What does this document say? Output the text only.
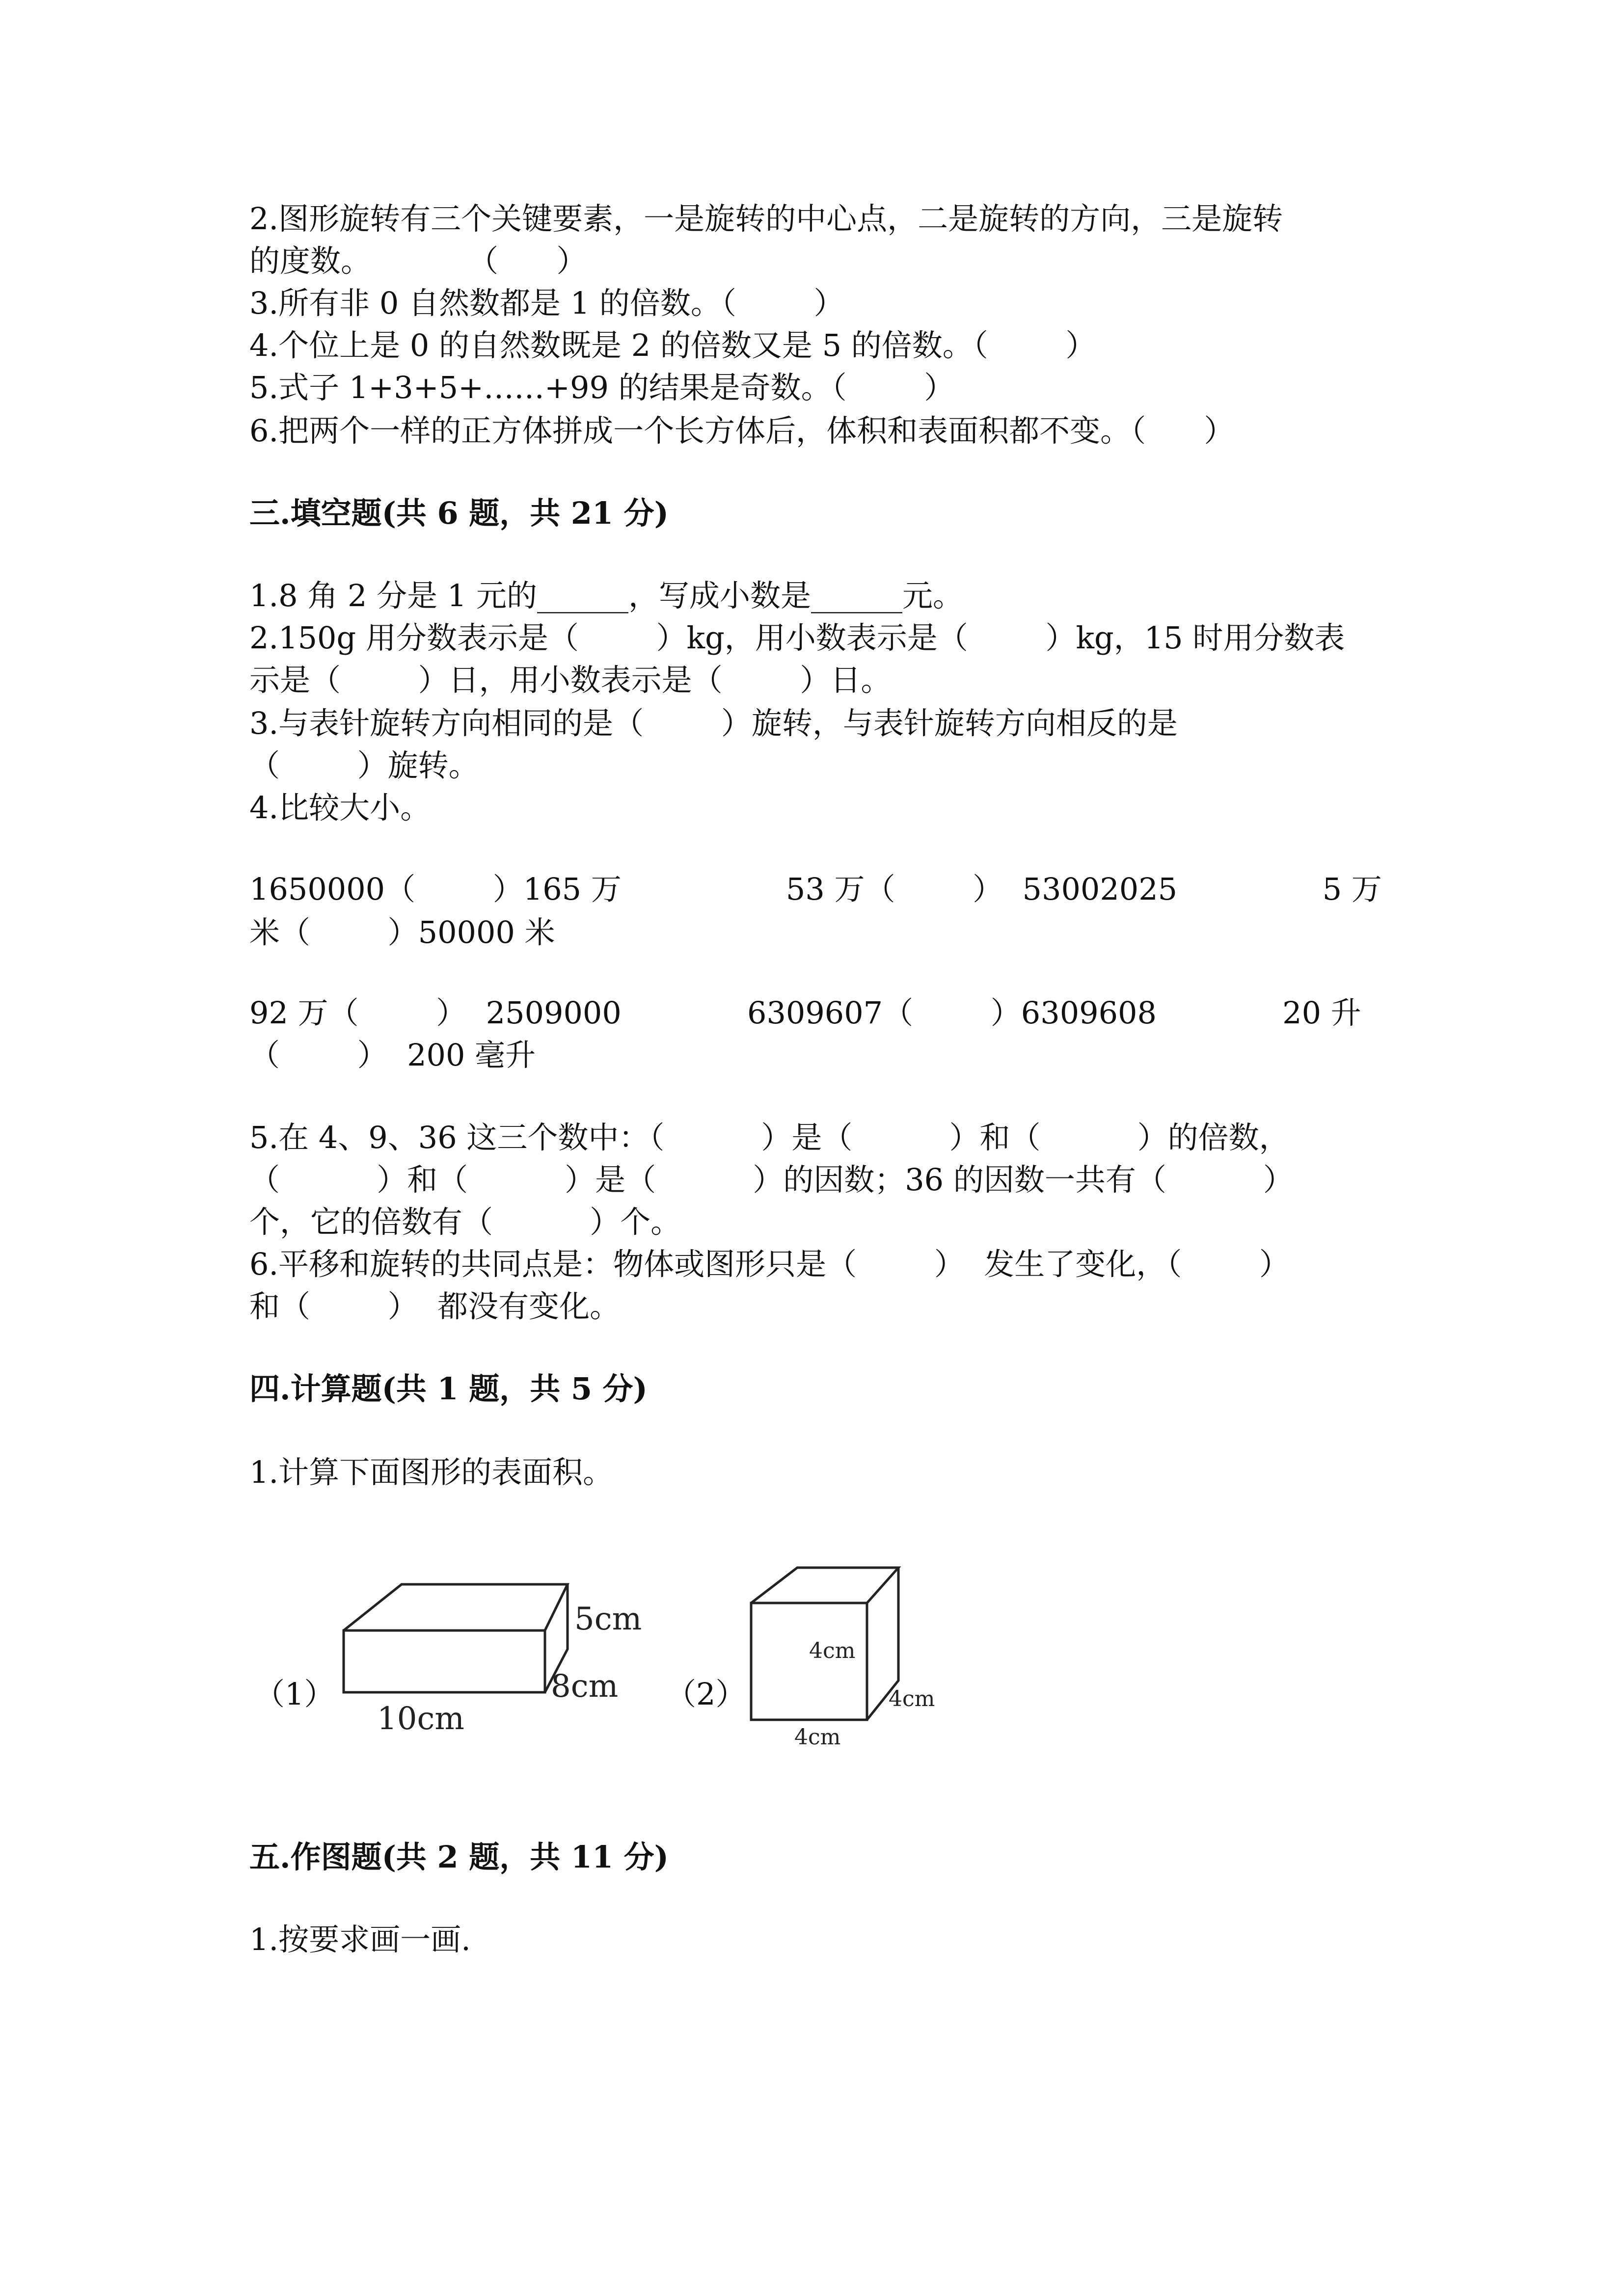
2.图形旋转有三个关键要素，一是旋转的中心点，二是旋转的方向，三是旋转
的度数。          （      ）
3.所有非 0 自然数都是 1 的倍数。（        ）
4.个位上是 0 的自然数既是 2 的倍数又是 5 的倍数。（        ）
5.式子 1+3+5+……+99 的结果是奇数。（        ）
6.把两个一样的正方体拼成一个长方体后，体积和表面积都不变。（      ）
三.填空题(共 6 题，共 21 分)
1.8 角 2 分是 1 元的______，写成小数是______元。
2.150g 用分数表示是（        ）kg，用小数表示是（        ）kg，15 时用分数表
示是（        ）日，用小数表示是（        ）日。
3.与表针旋转方向相同的是（        ）旋转，与表针旋转方向相反的是
（        ）旋转。
4.比较大小。
1650000（        ）165 万                 53 万（        ）  53002025               5 万
米（        ）50000 米
92 万（        ）  2509000             6309607（        ）6309608             20 升
（        ）  200 毫升
5.在 4、9、36 这三个数中：（          ）是（          ）和（          ）的倍数，
（          ）和（          ）是（          ）的因数；36 的因数一共有（          ）
个，它的倍数有（          ）个。
6.平移和旋转的共同点是：物体或图形只是（        ）  发生了变化，（        ）
和（        ）  都没有变化。
四.计算题(共 1 题，共 5 分)
1.计算下面图形的表面积。
（1）	（2）
5cm
8cm
10cm
4cm
4cm
4cm
五.作图题(共 2 题，共 11 分)
1.按要求画一画.
